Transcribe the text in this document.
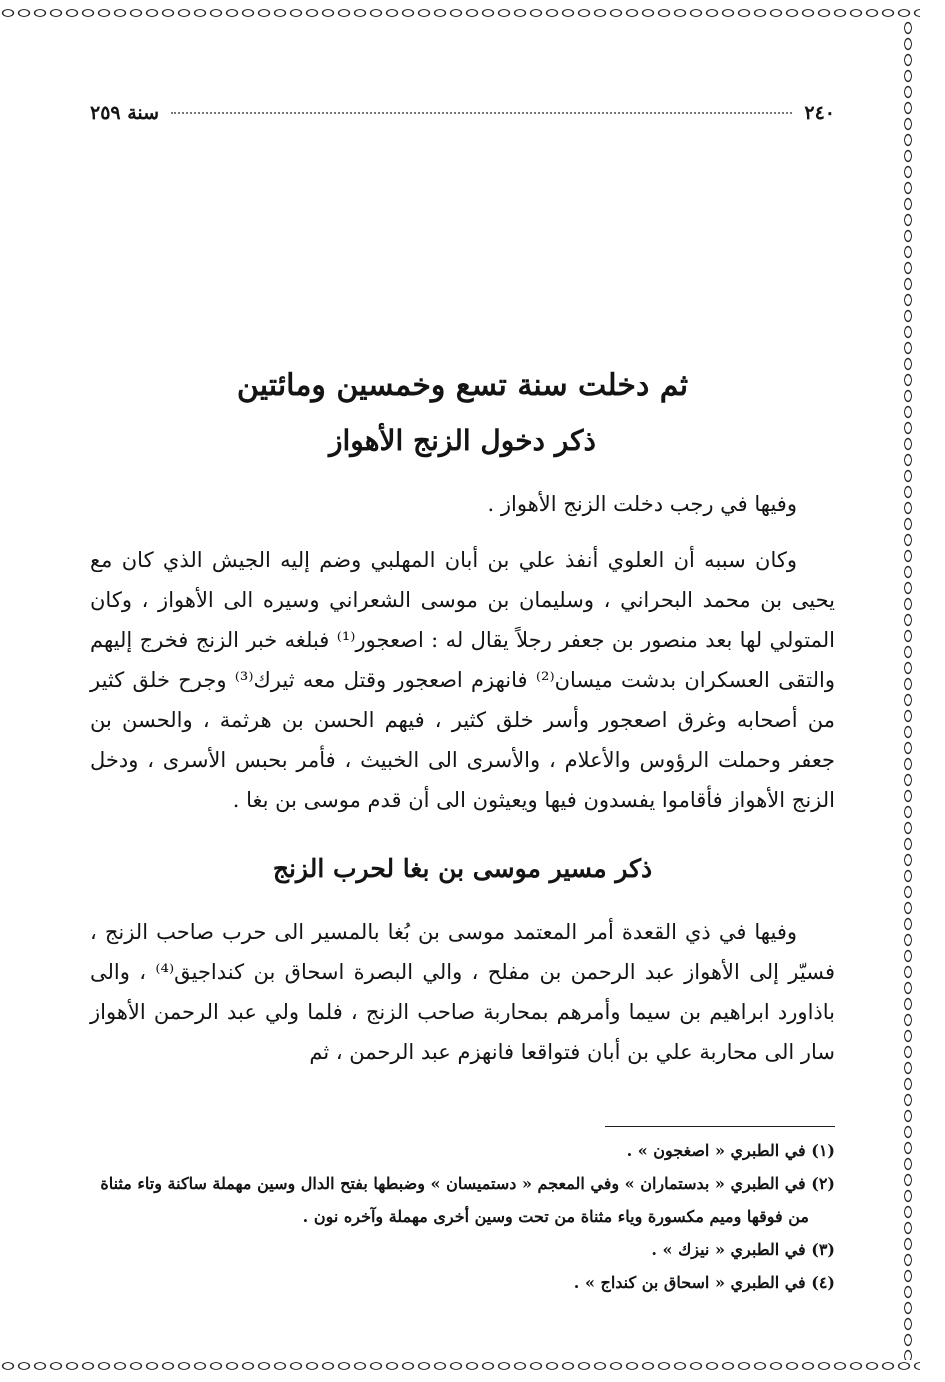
٢٤٠
سنة ٢٥٩
ثم دخلت سنة تسع وخمسين ومائتين
ذكر دخول الزنج الأهواز

وفيها في رجب دخلت الزنج الأهواز .

وكان سببه أن العلوي أنفذ علي بن أبان المهلبي وضم إليه الجيش الذي كان مع يحيى بن محمد البحراني ، وسليمان بن موسى الشعراني وسيره الى الأهواز ، وكان المتولي لها بعد منصور بن جعفر رجلاً يقال له : اصعجور⁽¹⁾ فبلغه خبر الزنج فخرج إليهم والتقى العسكران بدشت ميسان⁽²⁾ فانهزم اصعجور وقتل معه ثيرك⁽³⁾ وجرح خلق كثير من أصحابه وغرق اصعجور وأسر خلق كثير ، فيهم الحسن بن هرثمة ، والحسن بن جعفر وحملت الرؤوس والأعلام ، والأسرى الى الخبيث ، فأمر بحبس الأسرى ، ودخل الزنج الأهواز فأقاموا يفسدون فيها ويعيثون الى أن قدم موسى بن بغا .

ذكر مسير موسى بن بغا لحرب الزنج

وفيها في ذي القعدة أمر المعتمد موسى بن بُغا بالمسير الى حرب صاحب الزنج ، فسيّر إلى الأهواز عبد الرحمن بن مفلح ، والي البصرة اسحاق بن كنداجيق⁽⁴⁾ ، والى باذاورد ابراهيم بن سيما وأمرهم بمحاربة صاحب الزنج ، فلما ولي عبد الرحمن الأهواز سار الى محاربة علي بن أبان فتواقعا فانهزم عبد الرحمن ، ثم

(١) في الطبري « اصغجون » .
(٢) في الطبري « بدستماران » وفي المعجم « دستميسان » وضبطها بفتح الدال وسين مهملة ساكنة وتاء مثناة
من فوقها وميم مكسورة وياء مثناة من تحت وسين أخرى مهملة وآخره نون .
(٣) في الطبري « نيزك » .
(٤) في الطبري « اسحاق بن كنداج » .
